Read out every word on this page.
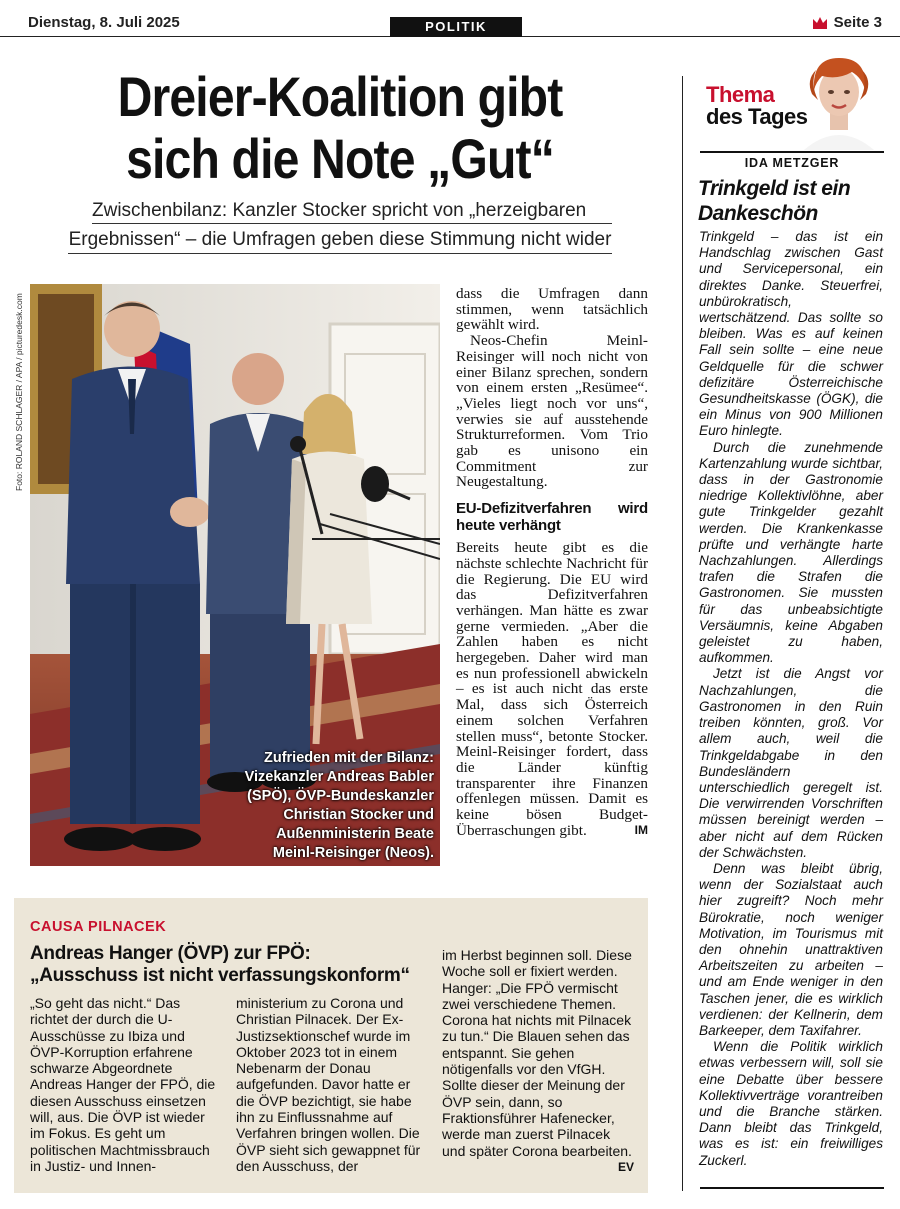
Dienstag, 8. Juli 2025	POLITIK	Seite 3
Dreier-Koalition gibt
sich die Note „Gut“
Zwischenbilanz: Kanzler Stocker spricht von „herzeigbaren
Ergebnissen“ – die Umfragen geben diese Stimmung nicht wider
Foto: ROLAND SCHLAGER / APA / picturedesk.com
Zufrieden mit der Bilanz: Vizekanzler Andreas Babler (SPÖ), ÖVP-Bundeskanzler Christian Stocker und Außenministerin Beate Meinl-Reisinger (Neos).

dass die Umfragen dann stimmen, wenn tatsächlich gewählt wird.

Neos-Chefin Meinl-Reisinger will noch nicht von einer Bilanz sprechen, sondern von einem ersten „Resümee“. „Vieles liegt noch vor uns“, verwies sie auf ausstehende Strukturreformen. Vom Trio gab es unisono ein Commitment zur Neugestaltung.

EU-Defizitverfahren wird heute verhängt

Bereits heute gibt es die nächste schlechte Nachricht für die Regierung. Die EU wird das Defizitverfahren verhängen. Man hätte es zwar gerne vermieden. „Aber die Zahlen haben es nicht hergegeben. Daher wird man es nun professionell abwickeln – es ist auch nicht das erste Mal, dass sich Österreich einem solchen Verfahren stellen muss“, betonte Stocker. Meinl-Reisinger fordert, dass die Länder künftig transparenter ihre Finanzen offenlegen müssen. Damit es keine bösen Budget-Überraschungen gibt.	IM

Thema
des Tages
IDA METZGER
Trinkgeld ist ein Dankeschön

Trinkgeld – das ist ein Handschlag zwischen Gast und Servicepersonal, ein direktes Danke. Steuerfrei, unbürokratisch, wertschätzend. Das sollte so bleiben. Was es auf keinen Fall sein sollte – eine neue Geldquelle für die schwer defizitäre Österreichische Gesundheitskasse (ÖGK), die ein Minus von 900 Millionen Euro hinlegte.

Durch die zunehmende Kartenzahlung wurde sichtbar, dass in der Gastronomie niedrige Kollektivlöhne, aber gute Trinkgelder gezahlt werden. Die Krankenkasse prüfte und verhängte harte Nachzahlungen. Allerdings trafen die Strafen die Gastronomen. Sie mussten für das unbeabsichtigte Versäumnis, keine Abgaben geleistet zu haben, aufkommen.

Jetzt ist die Angst vor Nachzahlungen, die Gastronomen in den Ruin treiben könnten, groß. Vor allem auch, weil die Trinkgeldabgabe in den Bundesländern unterschiedlich geregelt ist. Die verwirrenden Vorschriften müssen bereinigt werden – aber nicht auf dem Rücken der Schwächsten.

Denn was bleibt übrig, wenn der Sozialstaat auch hier zugreift? Noch mehr Bürokratie, noch weniger Motivation, im Tourismus mit den ohnehin unattraktiven Arbeitszeiten zu arbeiten – und am Ende weniger in den Taschen jener, die es wirklich verdienen: der Kellnerin, dem Barkeeper, dem Taxifahrer.

Wenn die Politik wirklich etwas verbessern will, soll sie eine Debatte über bessere Kollektivverträge vorantreiben und die Branche stärken. Dann bleibt das Trinkgeld, was es ist: ein freiwilliges Zuckerl.

CAUSA PILNACEK
Andreas Hanger (ÖVP) zur FPÖ:
„Ausschuss ist nicht verfassungskonform“
„So geht das nicht.“ Das richtet der durch die U-Ausschüsse zu Ibiza und ÖVP-Korruption erfahrene schwarze Abgeordnete Andreas Hanger der FPÖ, die diesen Ausschuss einsetzen will, aus. Die ÖVP ist wieder im Fokus. Es geht um politischen Machtmissbrauch in Justiz- und Innen-
ministerium zu Corona und Christian Pilnacek. Der Ex-Justizsektionschef wurde im Oktober 2023 tot in einem Nebenarm der Donau aufgefunden. Davor hatte er die ÖVP bezichtigt, sie habe ihn zu Einflussnahme auf Verfahren bringen wollen. Die ÖVP sieht sich gewappnet für den Ausschuss, der
im Herbst beginnen soll. Diese Woche soll er fixiert werden. Hanger: „Die FPÖ vermischt zwei verschiedene Themen. Corona hat nichts mit Pilnacek zu tun.“ Die Blauen sehen das entspannt. Sie gehen nötigenfalls vor den VfGH. Sollte dieser der Meinung der ÖVP sein, dann, so Fraktionsführer Hafenecker, werde man zuerst Pilnacek und später Corona bearbeiten.
EV
